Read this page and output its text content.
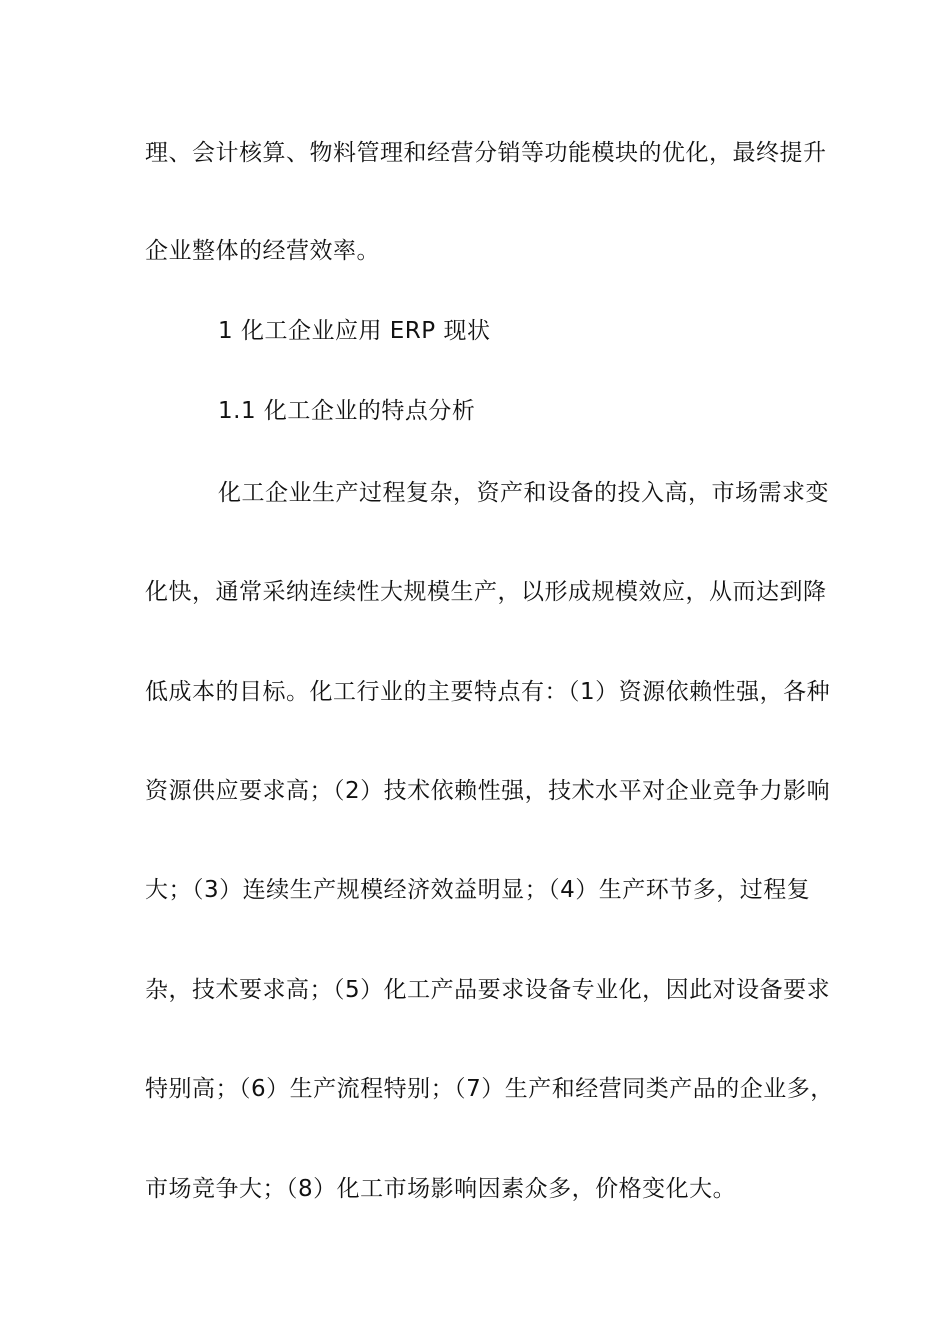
理、会计核算、物料管理和经营分销等功能模块的优化，最终提升
企业整体的经营效率。
1 化工企业应用 ERP 现状
1.1 化工企业的特点分析
化工企业生产过程复杂，资产和设备的投入高，市场需求变
化快，通常采纳连续性大规模生产，以形成规模效应，从而达到降
低成本的目标。化工行业的主要特点有：（1）资源依赖性强，各种
资源供应要求高；（2）技术依赖性强，技术水平对企业竞争力影响
大；（3）连续生产规模经济效益明显；（4）生产环节多，过程复
杂，技术要求高；（5）化工产品要求设备专业化，因此对设备要求
特别高；（6）生产流程特别；（7）生产和经营同类产品的企业多，
市场竞争大；（8）化工市场影响因素众多，价格变化大。
